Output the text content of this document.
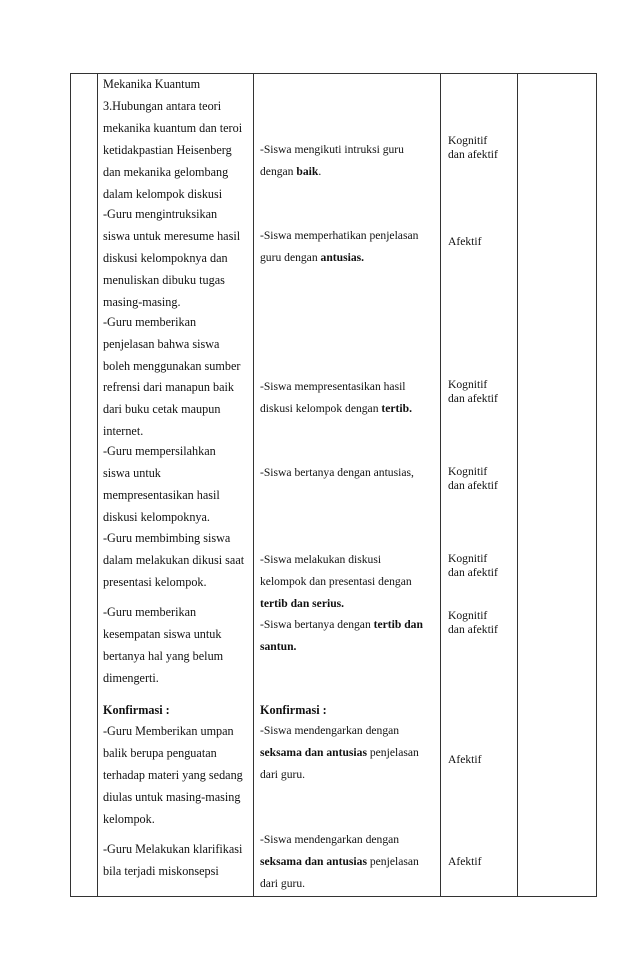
Mekanika Kuantum
3.Hubungan antara teori
mekanika kuantum dan teroi
ketidakpastian Heisenberg
dan mekanika gelombang
dalam kelompok diskusi
-Guru mengintruksikan
siswa untuk meresume hasil
diskusi kelompoknya dan
menuliskan dibuku tugas
masing-masing.
-Guru memberikan
penjelasan bahwa siswa
boleh menggunakan sumber
refrensi dari manapun baik
dari buku cetak maupun
internet.
-Guru mempersilahkan
siswa untuk
mempresentasikan hasil
diskusi kelompoknya.
-Guru membimbing siswa
dalam melakukan dikusi saat
presentasi kelompok.
-Guru memberikan
kesempatan siswa untuk
bertanya hal yang belum
dimengerti.
Konfirmasi :
-Guru Memberikan umpan
balik berupa penguatan
terhadap materi yang sedang
diulas untuk masing-masing
kelompok.
-Guru Melakukan klarifikasi
bila terjadi miskonsepsi
-Siswa mengikuti intruksi guru
dengan baik.
-Siswa memperhatikan penjelasan
guru dengan antusias.
-Siswa mempresentasikan hasil
diskusi kelompok dengan tertib.
-Siswa bertanya dengan antusias,
-Siswa melakukan diskusi
kelompok dan presentasi dengan
tertib dan serius.
-Siswa bertanya dengan tertib dan
santun.
Konfirmasi :
-Siswa mendengarkan dengan
seksama dan antusias penjelasan
dari guru.
-Siswa mendengarkan dengan
seksama dan antusias penjelasan
dari guru.
Kognitif
dan afektif
Afektif
Kognitif
dan afektif
Kognitif
dan afektif
Kognitif
dan afektif
Kognitif
dan afektif
Afektif
Afektif
